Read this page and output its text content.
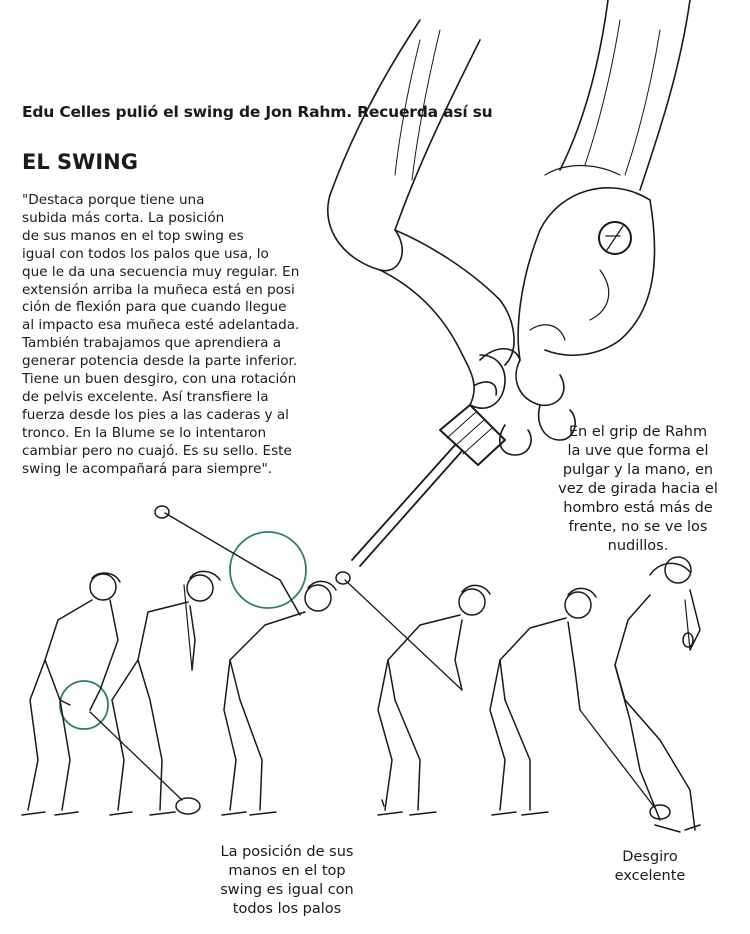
Edu Celles pulió el swing de Jon Rahm. Recuerda así su
EL SWING
"Destaca porque tiene una
subida más corta. La posición
de sus manos en el top swing es
igual con todos los palos que usa, lo
que le da una secuencia muy regular. En
extensión arriba la muñeca está en posi
ción de flexión para que cuando llegue
al impacto esa muñeca esté adelantada.
También trabajamos que aprendiera a
generar potencia desde la parte inferior.
Tiene un buen desgiro, con una rotación
de pelvis excelente. Así transfiere la
fuerza desde los pies a las caderas y al
tronco. En la Blume se lo intentaron
cambiar pero no cuajó. Es su sello. Este
swing le acompañará para siempre".
En el grip de Rahm
la uve que forma el
pulgar y la mano, en
vez de girada hacia el
hombro está más de
frente, no se ve los
nudillos.
La posición de sus
manos en el top
swing es igual con
todos los palos
Desgiro
excelente
